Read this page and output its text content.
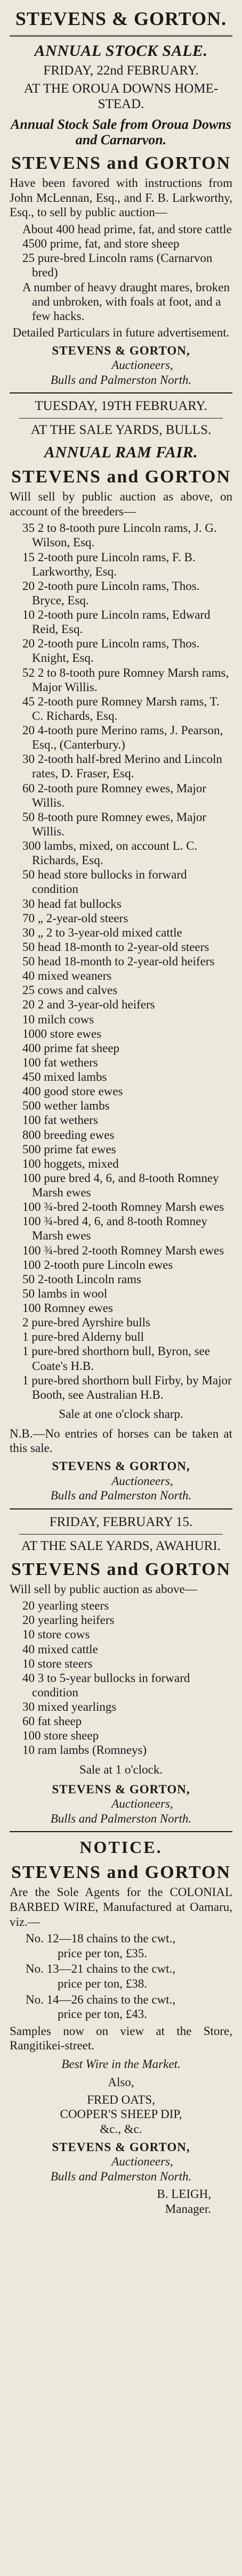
STEVENS & GORTON.
ANNUAL STOCK SALE.
FRIDAY, 22nd FEBRUARY.
AT THE OROUA DOWNS HOME-STEAD.
Annual Stock Sale from Oroua Downs and Carnarvon.
STEVENS and GORTON
Have been favored with instructions from John McLennan, Esq., and F. B. Larkworthy, Esq., to sell by public auction—
About 400 head prime, fat, and store cattle
4500 prime, fat, and store sheep
25 pure-bred Lincoln rams (Carnarvon bred)
A number of heavy draught mares, broken and unbroken, with foals at foot, and a few hacks.
Detailed Particulars in future advertisement.
STEVENS & GORTON,
Auctioneers,
Bulls and Palmerston North.
TUESDAY, 19TH FEBRUARY.
AT THE SALE YARDS, BULLS.
ANNUAL RAM FAIR.
STEVENS and GORTON
Will sell by public auction as above, on account of the breeders—
35 2 to 8-tooth pure Lincoln rams, J. G. Wilson, Esq.
15 2-tooth pure Lincoln rams, F. B. Larkworthy, Esq.
20 2-tooth pure Lincoln rams, Thos. Bryce, Esq.
10 2-tooth pure Lincoln rams, Edward Reid, Esq.
20 2-tooth pure Lincoln rams, Thos. Knight, Esq.
52 2 to 8-tooth pure Romney Marsh rams, Major Willis.
45 2-tooth pure Romney Marsh rams, T. C. Richards, Esq.
20 4-tooth pure Merino rams, J. Pearson, Esq., (Canterbury.)
30 2-tooth half-bred Merino and Lincoln rates, D. Fraser, Esq.
60 2-tooth pure Romney ewes, Major Willis.
50 8-tooth pure Romney ewes, Major Willis.
300 lambs, mixed, on account L. C. Richards, Esq.
50 head store bullocks in forward condition
30 head fat bullocks
70 „ 2-year-old steers
30 „ 2 to 3-year-old mixed cattle
50 head 18-month to 2-year-old steers
50 head 18-month to 2-year-old heifers
40 mixed weaners
25 cows and calves
20 2 and 3-year-old heifers
10 milch cows
1000 store ewes
400 prime fat sheep
100 fat wethers
450 mixed lambs
400 good store ewes
500 wether lambs
100 fat wethers
800 breeding ewes
500 prime fat ewes
100 hoggets, mixed
100 pure bred 4, 6, and 8-tooth Romney Marsh ewes
100 ¾-bred 2-tooth Romney Marsh ewes
100 ¾-bred 4, 6, and 8-tooth Romney Marsh ewes
100 ¾-bred 2-tooth Romney Marsh ewes
100 2-tooth pure Lincoln ewes
50 2-tooth Lincoln rams
50 lambs in wool
100 Romney ewes
2 pure-bred Ayrshire bulls
1 pure-bred Alderny bull
1 pure-bred shorthorn bull, Byron, see Coate's H.B.
1 pure-bred shorthorn bull Firby, by Major Booth, see Australian H.B.
Sale at one o'clock sharp.
N.B.—No entries of horses can be taken at this sale.
STEVENS & GORTON,
Auctioneers,
Bulls and Palmerston North.
FRIDAY, FEBRUARY 15.
AT THE SALE YARDS, AWAHURI.
STEVENS and GORTON
Will sell by public auction as above—
20 yearling steers
20 yearling heifers
10 store cows
40 mixed cattle
10 store steers
40 3 to 5-year bullocks in forward condition
30 mixed yearlings
60 fat sheep
100 store sheep
10 ram lambs (Romneys)
Sale at 1 o'clock.
STEVENS & GORTON,
Auctioneers,
Bulls and Palmerston North.
NOTICE.
STEVENS and GORTON
Are the Sole Agents for the COLONIAL BARBED WIRE, Manufactured at Oamaru, viz.—
No. 12—18 chains to the cwt.,
price per ton, £35.
No. 13—21 chains to the cwt.,
price per ton, £38.
No. 14—26 chains to the cwt.,
price per ton, £43.
Samples now on view at the Store, Rangitikei-street.
Best Wire in the Market.
Also,
FRED OATS,
COOPER'S SHEEP DIP,
&c., &c.
STEVENS & GORTON,
Auctioneers,
Bulls and Palmerston North.
B. LEIGH,
Manager.
